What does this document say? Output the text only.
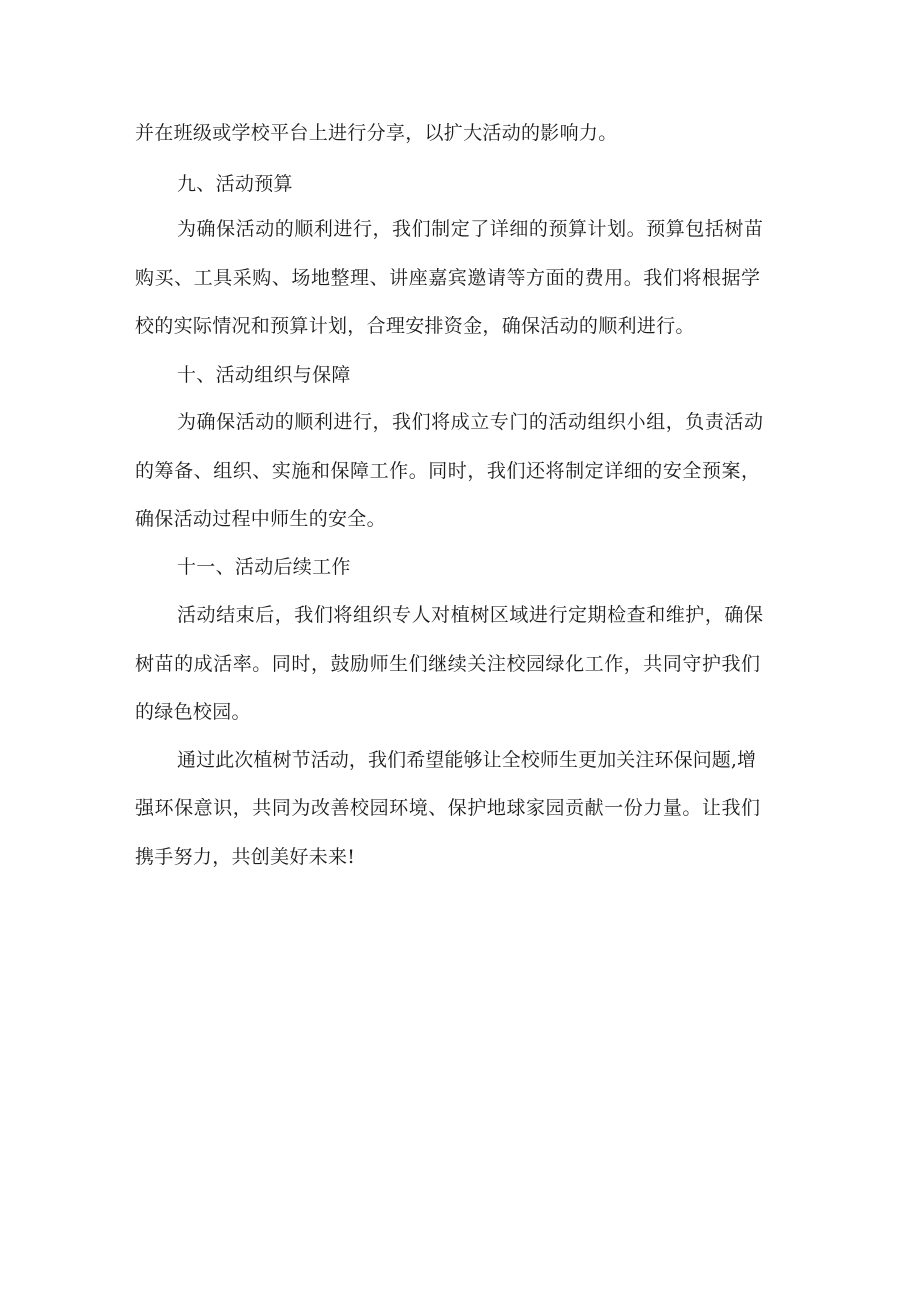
并在班级或学校平台上进行分享，以扩大活动的影响力。
九、活动预算
为确保活动的顺利进行，我们制定了详细的预算计划。预算包括树苗
购买、工具采购、场地整理、讲座嘉宾邀请等方面的费用。我们将根据学
校的实际情况和预算计划，合理安排资金，确保活动的顺利进行。
十、活动组织与保障
为确保活动的顺利进行，我们将成立专门的活动组织小组，负责活动
的筹备、组织、实施和保障工作。同时，我们还将制定详细的安全预案，
确保活动过程中师生的安全。
十一、活动后续工作
活动结束后，我们将组织专人对植树区域进行定期检查和维护，确保
树苗的成活率。同时，鼓励师生们继续关注校园绿化工作，共同守护我们
的绿色校园。
通过此次植树节活动，我们希望能够让全校师生更加关注环保问题,增
强环保意识，共同为改善校园环境、保护地球家园贡献一份力量。让我们
携手努力，共创美好未来!
